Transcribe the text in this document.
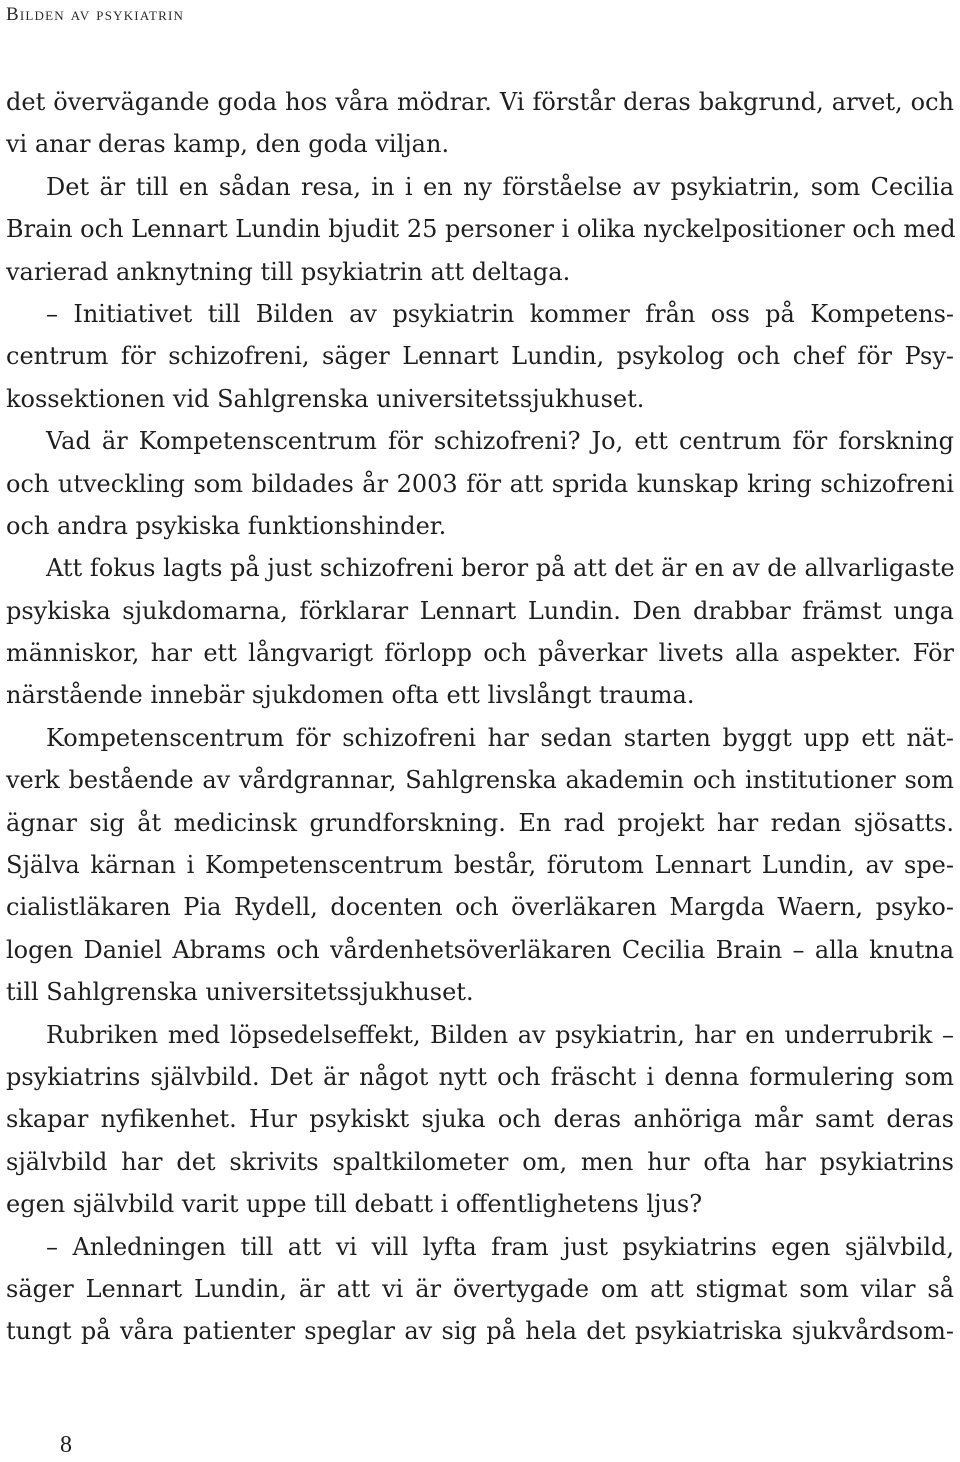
Bilden av psykiatrin
det övervägande goda hos våra mödrar. Vi förstår deras bakgrund, arvet, och
vi anar deras kamp, den goda viljan.
Det är till en sådan resa, in i en ny förståelse av psykiatrin, som Cecilia
Brain och Lennart Lundin bjudit 25 personer i olika nyckelpositioner och med
varierad anknytning till psykiatrin att deltaga.
– Initiativet till Bilden av psykiatrin kommer från oss på Kompetens-
centrum för schizofreni, säger Lennart Lundin, psykolog och chef för Psy-
kossektionen vid Sahlgrenska universitetssjukhuset.
Vad är Kompetenscentrum för schizofreni? Jo, ett centrum för forskning
och utveckling som bildades år 2003 för att sprida kunskap kring schizofreni
och andra psykiska funktionshinder.
Att fokus lagts på just schizofreni beror på att det är en av de allvarligaste
psykiska sjukdomarna, förklarar Lennart Lundin. Den drabbar främst unga
människor, har ett långvarigt förlopp och påverkar livets alla aspekter. För
närstående innebär sjukdomen ofta ett livslångt trauma.
Kompetenscentrum för schizofreni har sedan starten byggt upp ett nät-
verk bestående av vårdgrannar, Sahlgrenska akademin och institutioner som
ägnar sig åt medicinsk grundforskning. En rad projekt har redan sjösatts.
Själva kärnan i Kompetenscentrum består, förutom Lennart Lundin, av spe-
cialistläkaren Pia Rydell, docenten och överläkaren Margda Waern, psyko-
logen Daniel Abrams och vårdenhetsöverläkaren Cecilia Brain – alla knutna
till Sahlgrenska universitetssjukhuset.
Rubriken med löpsedelseffekt, Bilden av psykiatrin, har en underrubrik –
psykiatrins självbild. Det är något nytt och fräscht i denna formulering som
skapar nyfikenhet. Hur psykiskt sjuka och deras anhöriga mår samt deras
självbild har det skrivits spaltkilometer om, men hur ofta har psykiatrins
egen självbild varit uppe till debatt i offentlighetens ljus?
– Anledningen till att vi vill lyfta fram just psykiatrins egen självbild,
säger Lennart Lundin, är att vi är övertygade om att stigmat som vilar så
tungt på våra patienter speglar av sig på hela det psykiatriska sjukvårdsom-
8
